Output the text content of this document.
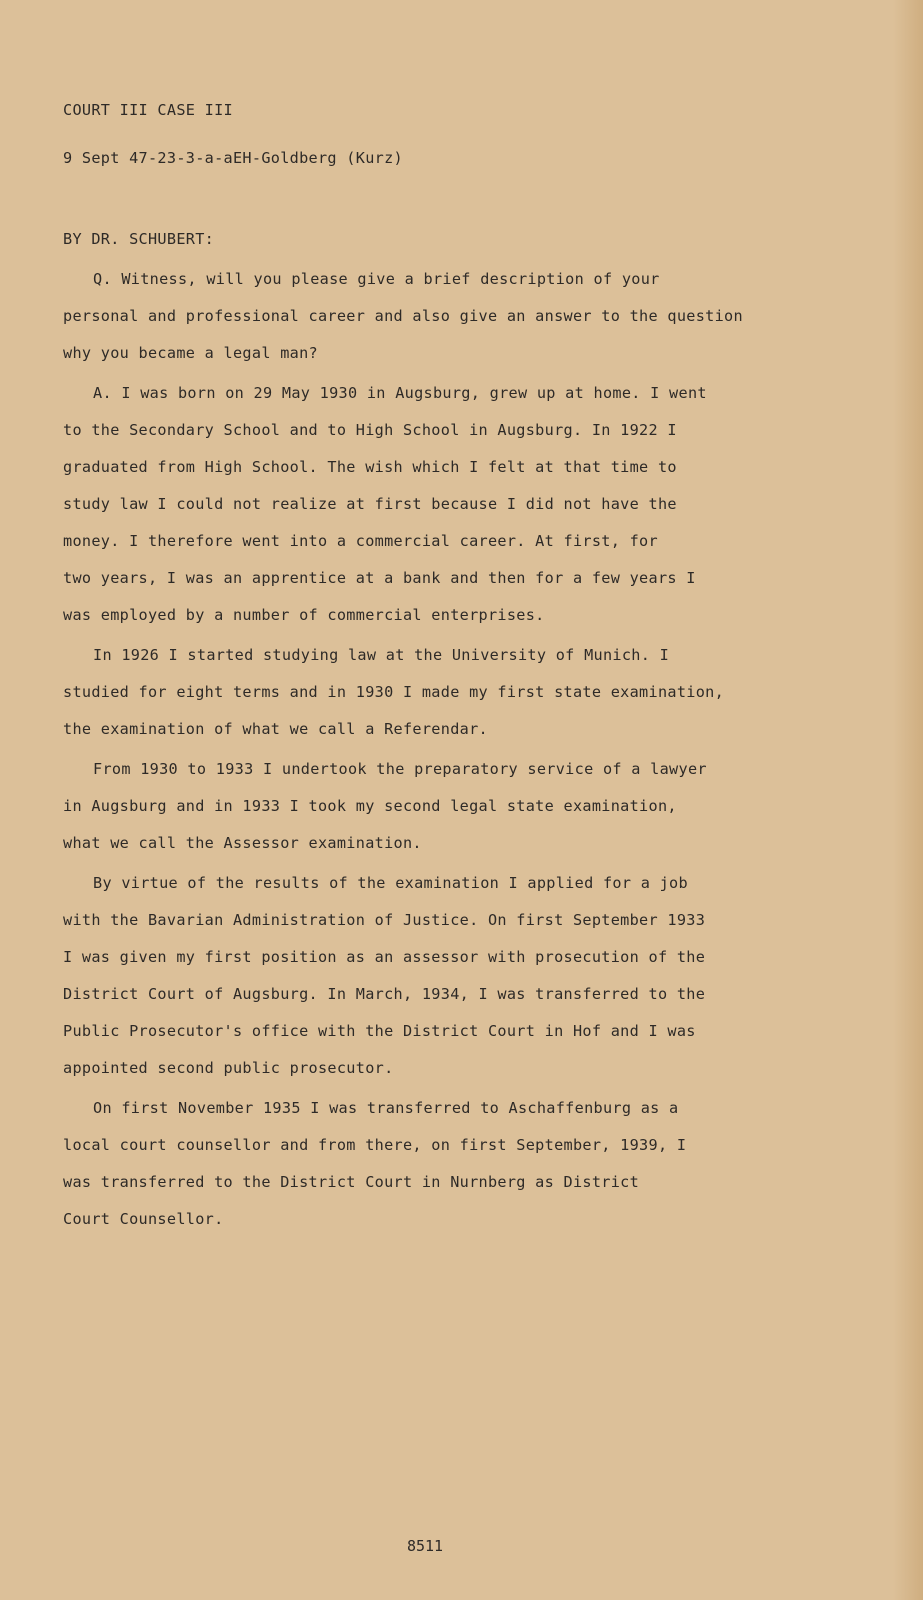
COURT III CASE III
9 Sept 47-23-3-a-aEH-Goldberg (Kurz)
BY DR. SCHUBERT:
Q. Witness, will you please give a brief description of your
personal and professional career and also give an answer to the question
why you became a legal man?
A. I was born on 29 May 1930 in Augsburg, grew up at home. I went
to the Secondary School and to High School in Augsburg. In 1922 I
graduated from High School. The wish which I felt at that time to
study law I could not realize at first because I did not have the
money. I therefore went into a commercial career. At first, for
two years, I was an apprentice at a bank and then for a few years I
was employed by a number of commercial enterprises.
In 1926 I started studying law at the University of Munich. I
studied for eight terms and in 1930 I made my first state examination,
the examination of what we call a Referendar.
From 1930 to 1933 I undertook the preparatory service of a lawyer
in Augsburg and in 1933 I took my second legal state examination,
what we call the Assessor examination.
By virtue of the results of the examination I applied for a job
with the Bavarian Administration of Justice. On first September 1933
I was given my first position as an assessor with prosecution of the
District Court of Augsburg. In March, 1934, I was transferred to the
Public Prosecutor's office with the District Court in Hof and I was
appointed second public prosecutor.
On first November 1935 I was transferred to Aschaffenburg as a
local court counsellor and from there, on first September, 1939, I
was transferred to the District Court in Nurnberg as District
Court Counsellor.
8511
